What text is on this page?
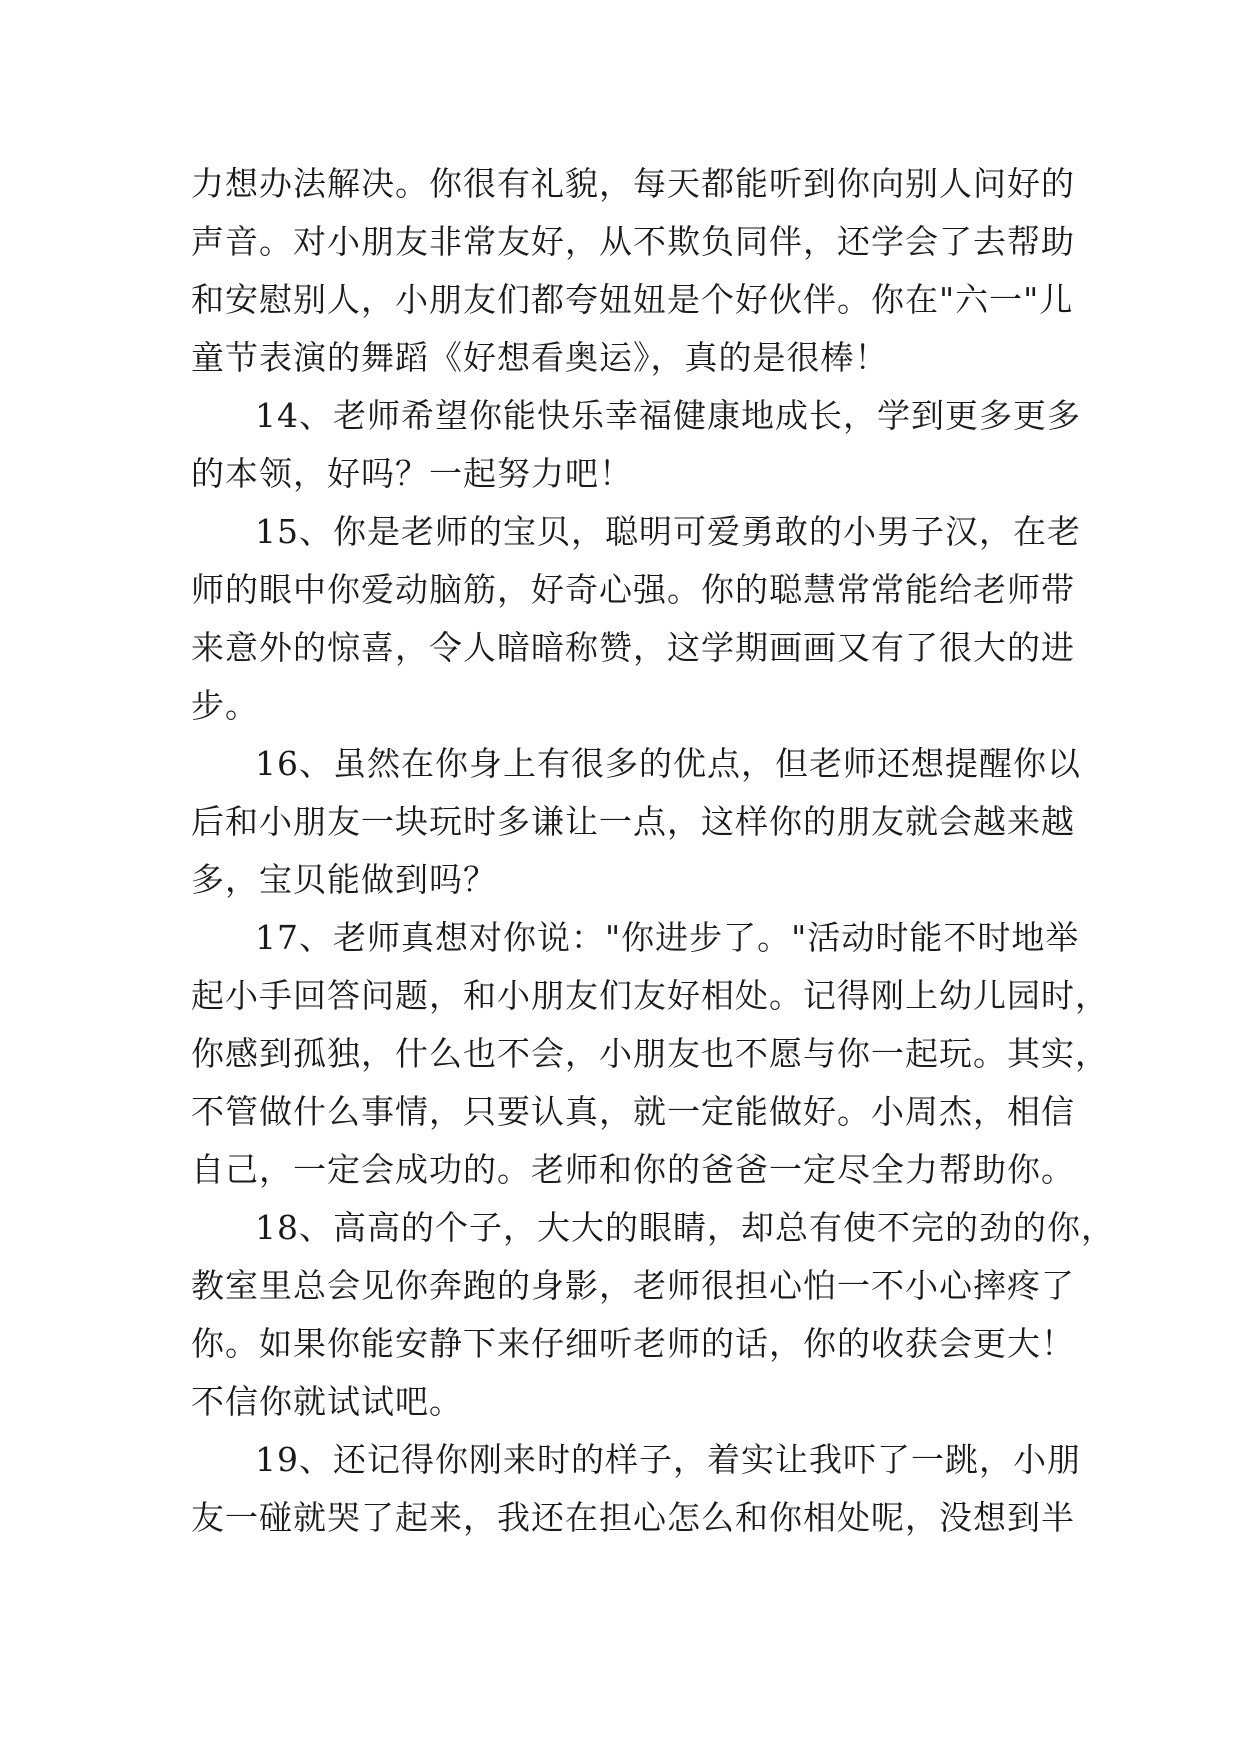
力想办法解决。你很有礼貌，每天都能听到你向别人问好的
声音。对小朋友非常友好，从不欺负同伴，还学会了去帮助
和安慰别人，小朋友们都夸妞妞是个好伙伴。你在"六一"儿
童节表演的舞蹈《好想看奥运》，真的是很棒！
14、老师希望你能快乐幸福健康地成长，学到更多更多
的本领，好吗？一起努力吧！
15、你是老师的宝贝，聪明可爱勇敢的小男子汉，在老
师的眼中你爱动脑筋，好奇心强。你的聪慧常常能给老师带
来意外的惊喜，令人暗暗称赞，这学期画画又有了很大的进
步。
16、虽然在你身上有很多的优点，但老师还想提醒你以
后和小朋友一块玩时多谦让一点，这样你的朋友就会越来越
多，宝贝能做到吗？
17、老师真想对你说："你进步了。"活动时能不时地举
起小手回答问题，和小朋友们友好相处。记得刚上幼儿园时，
你感到孤独，什么也不会，小朋友也不愿与你一起玩。其实，
不管做什么事情，只要认真，就一定能做好。小周杰，相信
自己，一定会成功的。老师和你的爸爸一定尽全力帮助你。
18、高高的个子，大大的眼睛，却总有使不完的劲的你，
教室里总会见你奔跑的身影，老师很担心怕一不小心摔疼了
你。如果你能安静下来仔细听老师的话，你的收获会更大！
不信你就试试吧。
19、还记得你刚来时的样子，着实让我吓了一跳，小朋
友一碰就哭了起来，我还在担心怎么和你相处呢，没想到半
